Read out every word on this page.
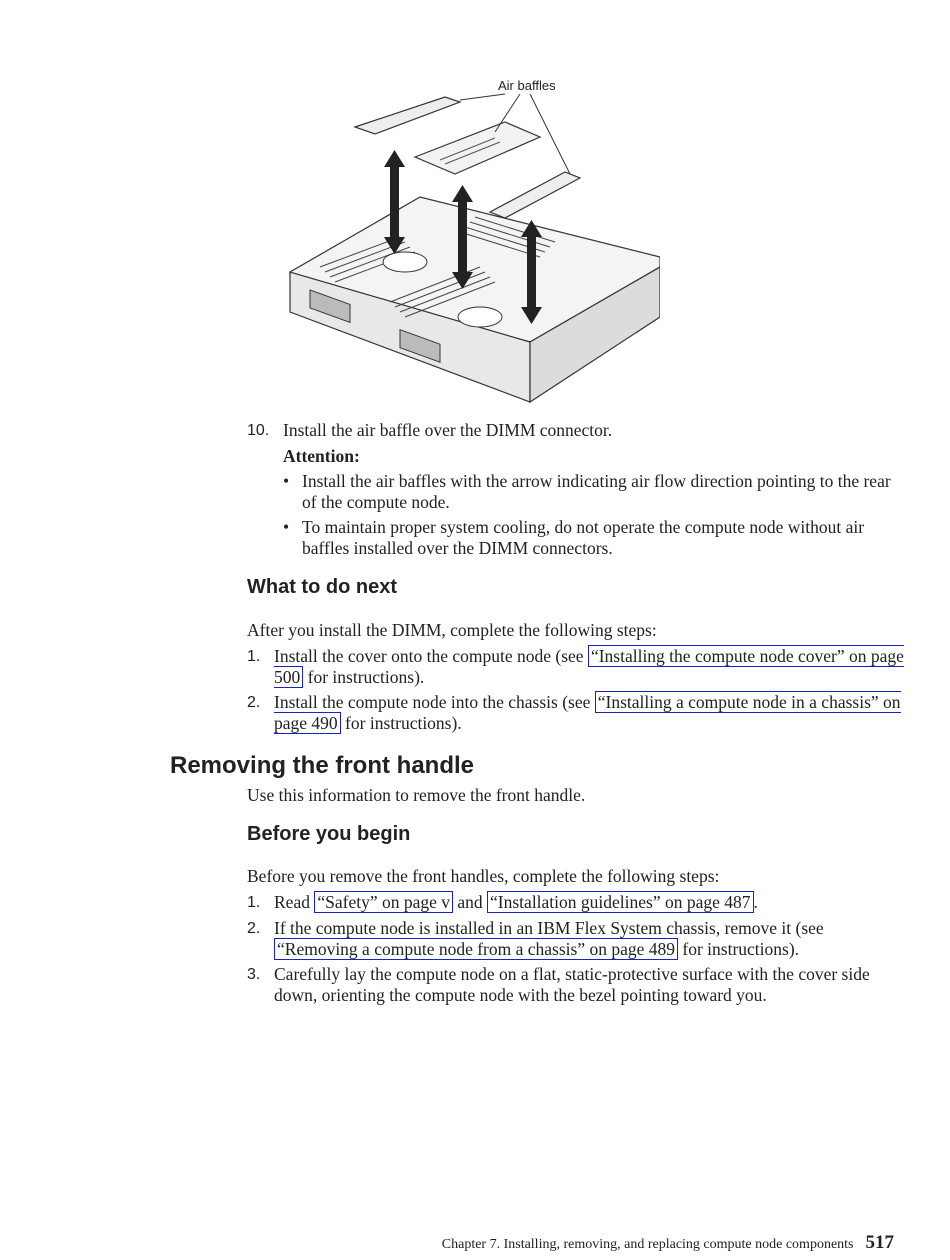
Air baffles
10. Install the air baffle over the DIMM connector.
Attention:
• Install the air baffles with the arrow indicating air flow direction pointing to the rear of the compute node.
• To maintain proper system cooling, do not operate the compute node without air baffles installed over the DIMM connectors.
What to do next
After you install the DIMM, complete the following steps:
1. Install the cover onto the compute node (see “Installing the compute node cover” on page 500 for instructions).
2. Install the compute node into the chassis (see “Installing a compute node in a chassis” on page 490 for instructions).
Removing the front handle
Use this information to remove the front handle.
Before you begin
Before you remove the front handles, complete the following steps:
1. Read “Safety” on page v and “Installation guidelines” on page 487 .
2. If the compute node is installed in an IBM Flex System chassis, remove it (see “Removing a compute node from a chassis” on page 489 for instructions).
3. Carefully lay the compute node on a flat, static-protective surface with the cover side down, orienting the compute node with the bezel pointing toward you.
Chapter 7. Installing, removing, and replacing compute node components 517
